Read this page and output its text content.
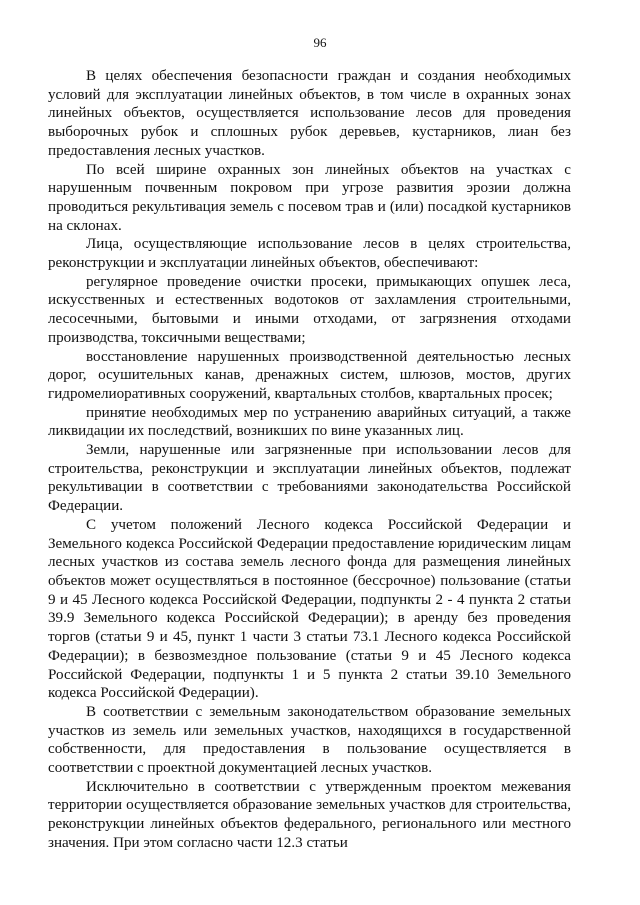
96

В целях обеспечения безопасности граждан и создания необходимых условий для эксплуатации линейных объектов, в том числе в охранных зонах линейных объектов, осуществляется использование лесов для проведения выборочных рубок и сплошных рубок деревьев, кустарников, лиан без предоставления лесных участков.

По всей ширине охранных зон линейных объектов на участках с нарушенным почвенным покровом при угрозе развития эрозии должна проводиться рекультивация земель с посевом трав и (или) посадкой кустарников на склонах.

Лица, осуществляющие использование лесов в целях строительства, реконструкции и эксплуатации линейных объектов, обеспечивают:

регулярное проведение очистки просеки, примыкающих опушек леса, искусственных и естественных водотоков от захламления строительными, лесосечными, бытовыми и иными отходами, от загрязнения отходами производства, токсичными веществами;

восстановление нарушенных производственной деятельностью лесных дорог, осушительных канав, дренажных систем, шлюзов, мостов, других гидромелиоративных сооружений, квартальных столбов, квартальных просек;

принятие необходимых мер по устранению аварийных ситуаций, а также ликвидации их последствий, возникших по вине указанных лиц.

Земли, нарушенные или загрязненные при использовании лесов для строительства, реконструкции и эксплуатации линейных объектов, подлежат рекультивации в соответствии с требованиями законодательства Российской Федерации.

С учетом положений Лесного кодекса Российской Федерации и Земельного кодекса Российской Федерации предоставление юридическим лицам лесных участков из состава земель лесного фонда для размещения линейных объектов может осуществляться в постоянное (бессрочное) пользование (статьи 9 и 45 Лесного кодекса Российской Федерации, подпункты 2 - 4 пункта 2 статьи 39.9 Земельного кодекса Российской Федерации); в аренду без проведения торгов (статьи 9 и 45, пункт 1 части 3 статьи 73.1 Лесного кодекса Российской Федерации); в безвозмездное пользование (статьи 9 и 45 Лесного кодекса Российской Федерации, подпункты 1 и 5 пункта 2 статьи 39.10 Земельного кодекса Российской Федерации).

В соответствии с земельным законодательством образование земельных участков из земель или земельных участков, находящихся в государственной собственности, для предоставления в пользование осуществляется в соответствии с проектной документацией лесных участков.

Исключительно в соответствии с утвержденным проектом межевания территории осуществляется образование земельных участков для строительства, реконструкции линейных объектов федерального, регионального или местного значения. При этом согласно части 12.3 статьи
